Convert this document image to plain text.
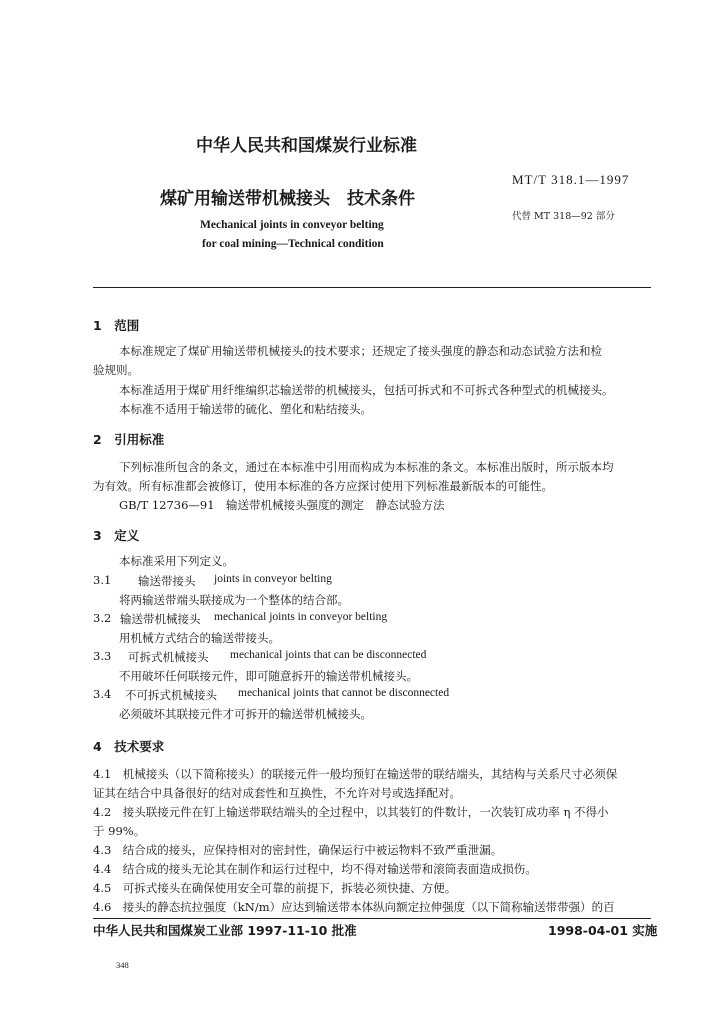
中华人民共和国煤炭行业标准
MT/T 318.1—1997
煤矿用输送带机械接头　技术条件
代替 MT 318—92 部分
Mechanical joints in conveyor belting
for coal mining—Technical condition
1　范围
本标准规定了煤矿用输送带机械接头的技术要求；还规定了接头强度的静态和动态试验方法和检
验规则。
本标准适用于煤矿用纤维编织芯输送带的机械接头，包括可拆式和不可拆式各种型式的机械接头。
本标准不适用于输送带的硫化、塑化和粘结接头。
2　引用标准
下列标准所包含的条文，通过在本标准中引用而构成为本标准的条文。本标准出版时，所示版本均
为有效。所有标准都会被修订，使用本标准的各方应探讨使用下列标准最新版本的可能性。
GB/T 12736—91　输送带机械接头强度的测定　静态试验方法
3　定义
本标准采用下列定义。
3.1 输送带接头 joints in conveyor belting
将两输送带端头联接成为一个整体的结合部。
3.2 输送带机械接头 mechanical joints in conveyor belting
用机械方式结合的输送带接头。
3.3 可拆式机械接头 mechanical joints that can be disconnected
不用破坏任何联接元件，即可随意拆开的输送带机械接头。
3.4 不可拆式机械接头 mechanical joints that cannot be disconnected
必须破坏其联接元件才可拆开的输送带机械接头。
4　技术要求
4.1　机械接头（以下简称接头）的联接元件一般均预钉在输送带的联结端头，其结构与关系尺寸必须保
证其在结合中具备很好的结对成套性和互换性，不允许对号或选择配对。
4.2　接头联接元件在钉上输送带联结端头的全过程中，以其装钉的件数计，一次装钉成功率 η 不得小
于 99%。
4.3　结合成的接头，应保持相对的密封性，确保运行中被运物料不致严重泄漏。
4.4　结合成的接头无论其在制作和运行过程中，均不得对输送带和滚筒表面造成损伤。
4.5　可拆式接头在确保使用安全可靠的前提下，拆装必须快捷、方便。
4.6　接头的静态抗拉强度（kN/m）应达到输送带本体纵向额定拉伸强度（以下简称输送带带强）的百
中华人民共和国煤炭工业部 1997-11-10 批准	1998-04-01 实施
348
